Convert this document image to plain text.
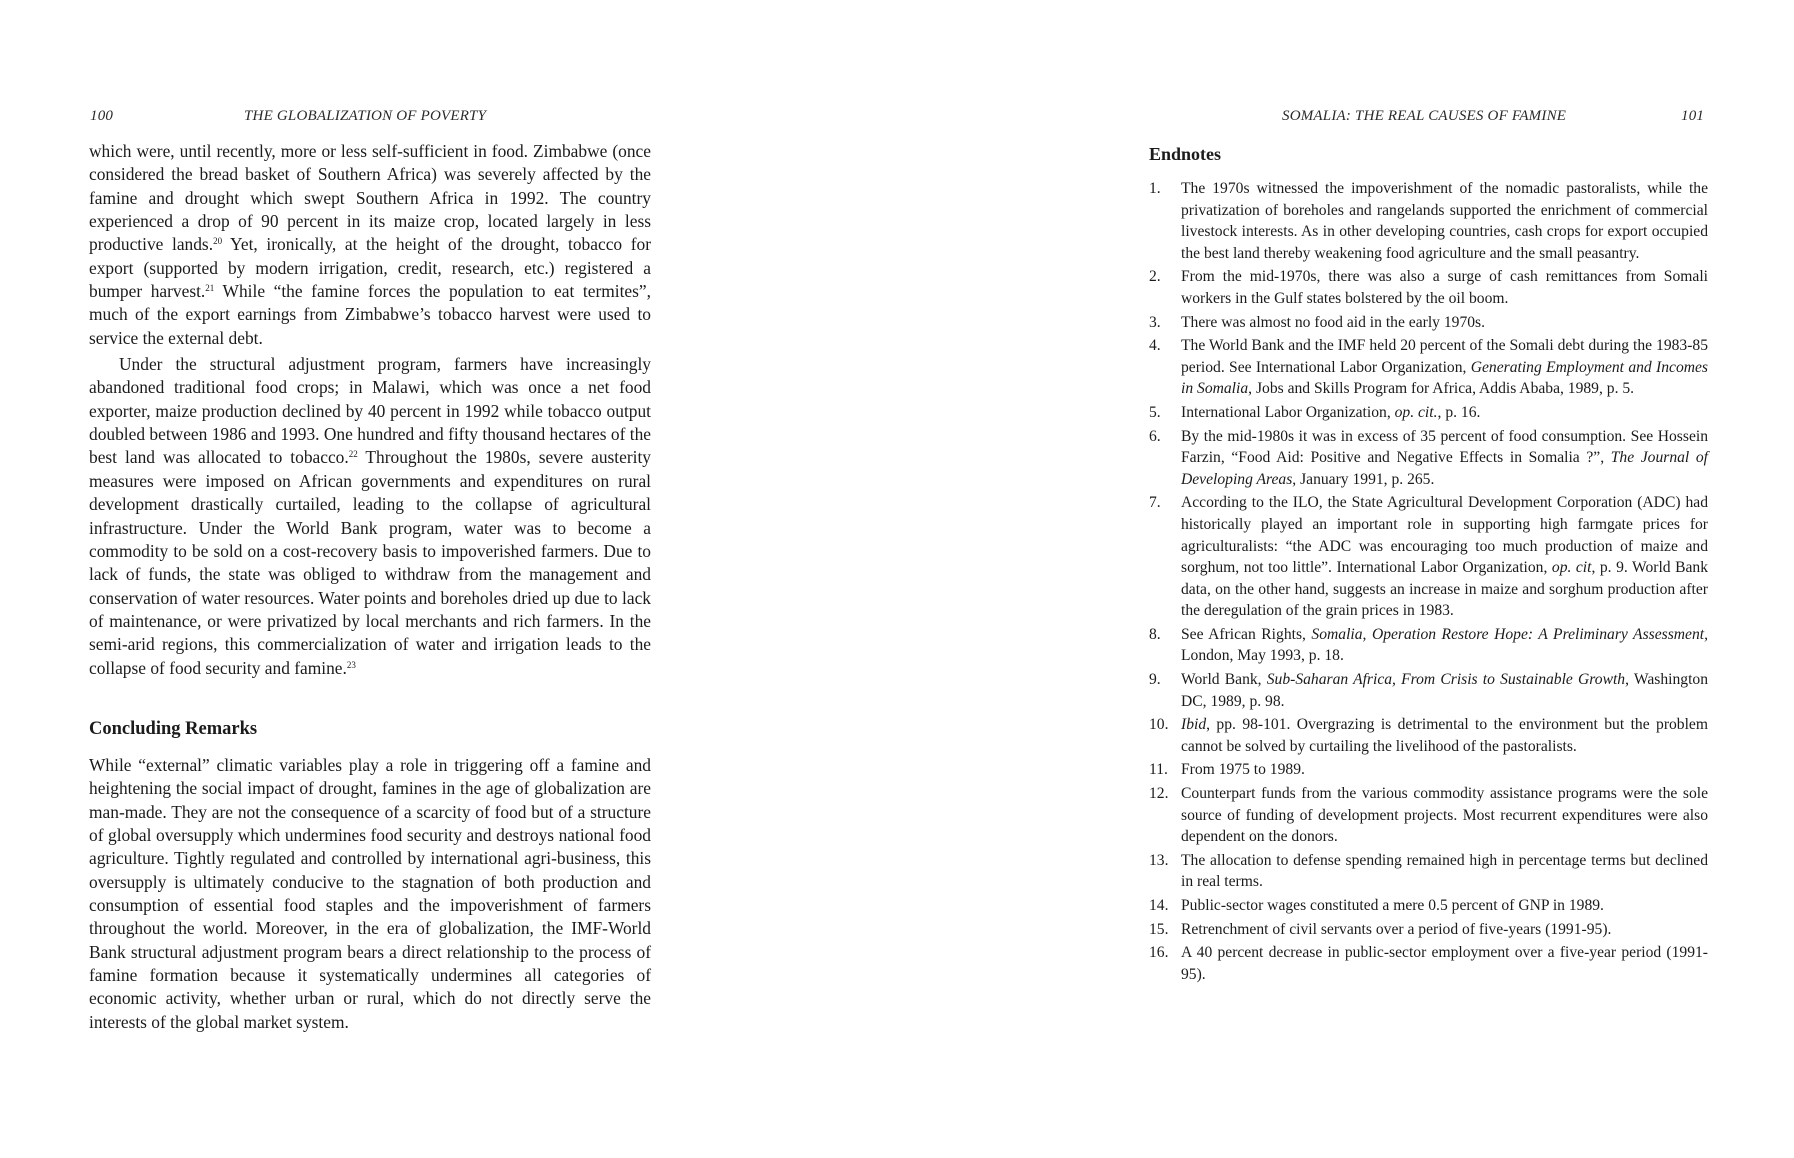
100	THE GLOBALIZATION OF POVERTY

which were, until recently, more or less self-sufficient in food. Zimbabwe (once considered the bread basket of Southern Africa) was severely affected by the famine and drought which swept Southern Africa in 1992. The country experienced a drop of 90 percent in its maize crop, located largely in less productive lands.$^{20}$ Yet, ironically, at the height of the drought, tobacco for export (supported by modern irrigation, credit, research, etc.) registered a bumper harvest.$^{21}$ While “the famine forces the population to eat termites”, much of the export earnings from Zimbabwe’s tobacco harvest were used to service the external debt.

Under the structural adjustment program, farmers have increasingly abandoned traditional food crops; in Malawi, which was once a net food exporter, maize production declined by 40 percent in 1992 while tobacco output doubled between 1986 and 1993. One hundred and fifty thousand hectares of the best land was allocated to tobacco.$^{22}$ Throughout the 1980s, severe austerity measures were imposed on African governments and expenditures on rural development drastically curtailed, leading to the collapse of agricultural infrastructure. Under the World Bank program, water was to become a commodity to be sold on a cost-recovery basis to impoverished farmers. Due to lack of funds, the state was obliged to withdraw from the management and conservation of water resources. Water points and boreholes dried up due to lack of maintenance, or were privatized by local merchants and rich farmers. In the semi-arid regions, this commercialization of water and irrigation leads to the collapse of food security and famine.$^{23}$

Concluding Remarks

While “external” climatic variables play a role in triggering off a famine and heightening the social impact of drought, famines in the age of globalization are man-made. They are not the consequence of a scarcity of food but of a structure of global oversupply which undermines food security and destroys national food agriculture. Tightly regulated and controlled by international agri-business, this oversupply is ultimately conducive to the stagnation of both production and consumption of essential food staples and the impoverishment of farmers throughout the world. Moreover, in the era of globalization, the IMF-World Bank structural adjustment program bears a direct relationship to the process of famine formation because it systematically undermines all categories of economic activity, whether urban or rural, which do not directly serve the interests of the global market system.

SOMALIA: THE REAL CAUSES OF FAMINE	101
Endnotes
1. The 1970s witnessed the impoverishment of the nomadic pastoralists, while the privatization of boreholes and rangelands supported the enrichment of commercial livestock interests. As in other developing countries, cash crops for export occupied the best land thereby weakening food agriculture and the small peasantry.
2. From the mid-1970s, there was also a surge of cash remittances from Somali workers in the Gulf states bolstered by the oil boom.
3. There was almost no food aid in the early 1970s.
4. The World Bank and the IMF held 20 percent of the Somali debt during the 1983-85 period. See International Labor Organization, Generating Employment and Incomes in Somalia, Jobs and Skills Program for Africa, Addis Ababa, 1989, p. 5.
5. International Labor Organization, op. cit., p. 16.
6. By the mid-1980s it was in excess of 35 percent of food consumption. See Hossein Farzin, “Food Aid: Positive and Negative Effects in Somalia ?”, The Journal of Developing Areas, January 1991, p. 265.
7. According to the ILO, the State Agricultural Development Corporation (ADC) had historically played an important role in supporting high farmgate prices for agriculturalists: “the ADC was encouraging too much production of maize and sorghum, not too little”. International Labor Organization, op. cit, p. 9. World Bank data, on the other hand, suggests an increase in maize and sorghum production after the deregulation of the grain prices in 1983.
8. See African Rights, Somalia, Operation Restore Hope: A Preliminary Assessment, London, May 1993, p. 18.
9. World Bank, Sub-Saharan Africa, From Crisis to Sustainable Growth, Washington DC, 1989, p. 98.
10. Ibid, pp. 98-101. Overgrazing is detrimental to the environment but the problem cannot be solved by curtailing the livelihood of the pastoralists.
11. From 1975 to 1989.
12. Counterpart funds from the various commodity assistance programs were the sole source of funding of development projects. Most recurrent expenditures were also dependent on the donors.
13. The allocation to defense spending remained high in percentage terms but declined in real terms.
14. Public-sector wages constituted a mere 0.5 percent of GNP in 1989.
15. Retrenchment of civil servants over a period of five-years (1991-95).
16. A 40 percent decrease in public-sector employment over a five-year period (1991-95).
